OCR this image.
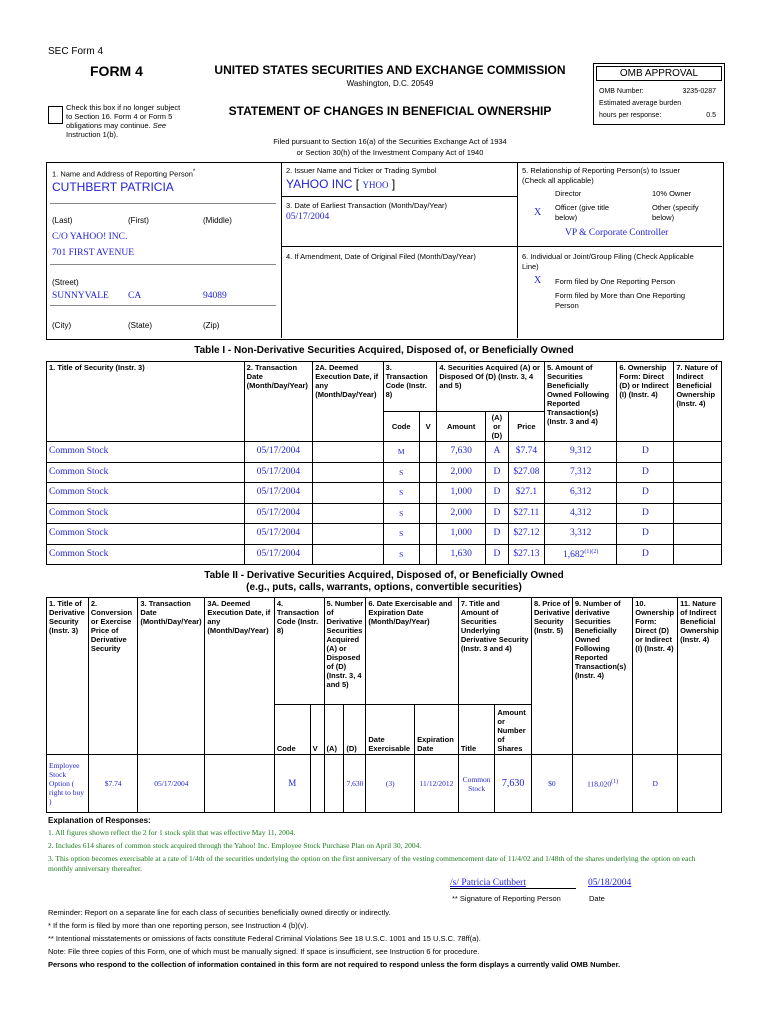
SEC Form 4
FORM 4	UNITED STATES SECURITIES AND EXCHANGE COMMISSION
Washington, D.C. 20549
STATEMENT OF CHANGES IN BENEFICIAL OWNERSHIP
Check this box if no longer subject
to Section 16. Form 4 or Form 5
obligations may continue. See
Instruction 1(b).
Filed pursuant to Section 16(a) of the Securities Exchange Act of 1934
or Section 30(h) of the Investment Company Act of 1940
OMB APPROVAL
OMB Number:	3235-0287
Estimated average burden
hours per response:	0.5
1. Name and Address of Reporting Person*
CUTHBERT PATRICIA
(Last)	(First)	(Middle)
C/O YAHOO! INC.
701 FIRST AVENUE
(Street)
SUNNYVALE CA	94089
(City)	(State)	(Zip)
2. Issuer Name and Ticker or Trading Symbol
YAHOO INC [ YHOO ]
3. Date of Earliest Transaction (Month/Day/Year)
05/17/2004
4. If Amendment, Date of Original Filed (Month/Day/Year)
5. Relationship of Reporting Person(s) to Issuer
(Check all applicable)
Director	10% Owner
X Officer (give title
below)
Other (specify
below)
VP & Corporate Controller
6. Individual or Joint/Group Filing (Check Applicable
Line)
X Form filed by One Reporting Person
Form filed by More than One Reporting
Person
Table I - Non-Derivative Securities Acquired, Disposed of, or Beneficially Owned
1. Title of Security (Instr. 3)	2. Transaction Date (Month/Day/Year)	2A. Deemed Execution Date, if any (Month/Day/Year)	3. Transaction Code (Instr. 8)		4. Securities Acquired (A) or Disposed Of (D) (Instr. 3, 4 and 5)			5. Amount of Securities Beneficially Owned Following Reported Transaction(s) (Instr. 3 and 4)	6. Ownership Form: Direct (D) or Indirect (I) (Instr. 4)	7. Nature of Indirect Beneficial Ownership (Instr. 4)
			Code	V	Amount	(A) or (D)	Price			
Common Stock	05/17/2004		M		7,630	A	$7.74	9,312	D	
Common Stock	05/17/2004		S		2,000	D	$27.08	7,312	D	
Common Stock	05/17/2004		S		1,000	D	$27.1	6,312	D	
Common Stock	05/17/2004		S		2,000	D	$27.11	4,312	D	
Common Stock	05/17/2004		S		1,000	D	$27.12	3,312	D	
Common Stock	05/17/2004		S		1,630	D	$27.13	$1,682^{(1)(2)}$	D	
Table II - Derivative Securities Acquired, Disposed of, or Beneficially Owned
(e.g., puts, calls, warrants, options, convertible securities)
1. Title of Derivative Security (Instr. 3)	2. Conversion or Exercise Price of Derivative Security	3. Transaction Date (Month/Day/Year)	3A. Deemed Execution Date, if any (Month/Day/Year)	4. Transaction Code (Instr. 8)		5. Number of Derivative Securities Acquired (A) or Disposed of (D) (Instr. 3, 4 and 5)		6. Date Exercisable and Expiration Date (Month/Day/Year)		7. Title and Amount of Securities Underlying Derivative Security (Instr. 3 and 4)		8. Price of Derivative Security (Instr. 5)	9. Number of derivative Securities Beneficially Owned Following Reported Transaction(s) (Instr. 4)	10. Ownership Form: Direct (D) or Indirect (I) (Instr. 4)	11. Nature of Indirect Beneficial Ownership (Instr. 4)
				Code	V	(A)	(D)	Date Exercisable	Expiration Date	Title	Amount or Number of Shares				
Employee Stock Option ( right to buy )	$7.74	05/17/2004		M			7,630	(3)	11/12/2012	Common Stock	7,630	$0	118,020$^{(1)}$	D	
Explanation of Responses:
1. All figures shown reflect the 2 for 1 stock split that was effective May 11, 2004.
2. Includes 614 shares of common stock acquired through the Yahoo! Inc. Employee Stock Purchase Plan on April 30, 2004.
3. This option becomes exercisable at a rate of 1/4th of the securities underlying the option on the first anniversary of the vesting commencement date of 11/4/02 and 1/48th of the shares underlying the option on each monthly anniversary thereafter.
/s/ Patricia Cuthbert	05/18/2004
** Signature of Reporting Person	Date
Reminder: Report on a separate line for each class of securities beneficially owned directly or indirectly.
* If the form is filed by more than one reporting person, see Instruction 4 (b)(v).
** Intentional misstatements or omissions of facts constitute Federal Criminal Violations See 18 U.S.C. 1001 and 15 U.S.C. 78ff(a).
Note: File three copies of this Form, one of which must be manually signed. If space is insufficient, see Instruction 6 for procedure.
Persons who respond to the collection of information contained in this form are not required to respond unless the form displays a currently valid OMB Number.
